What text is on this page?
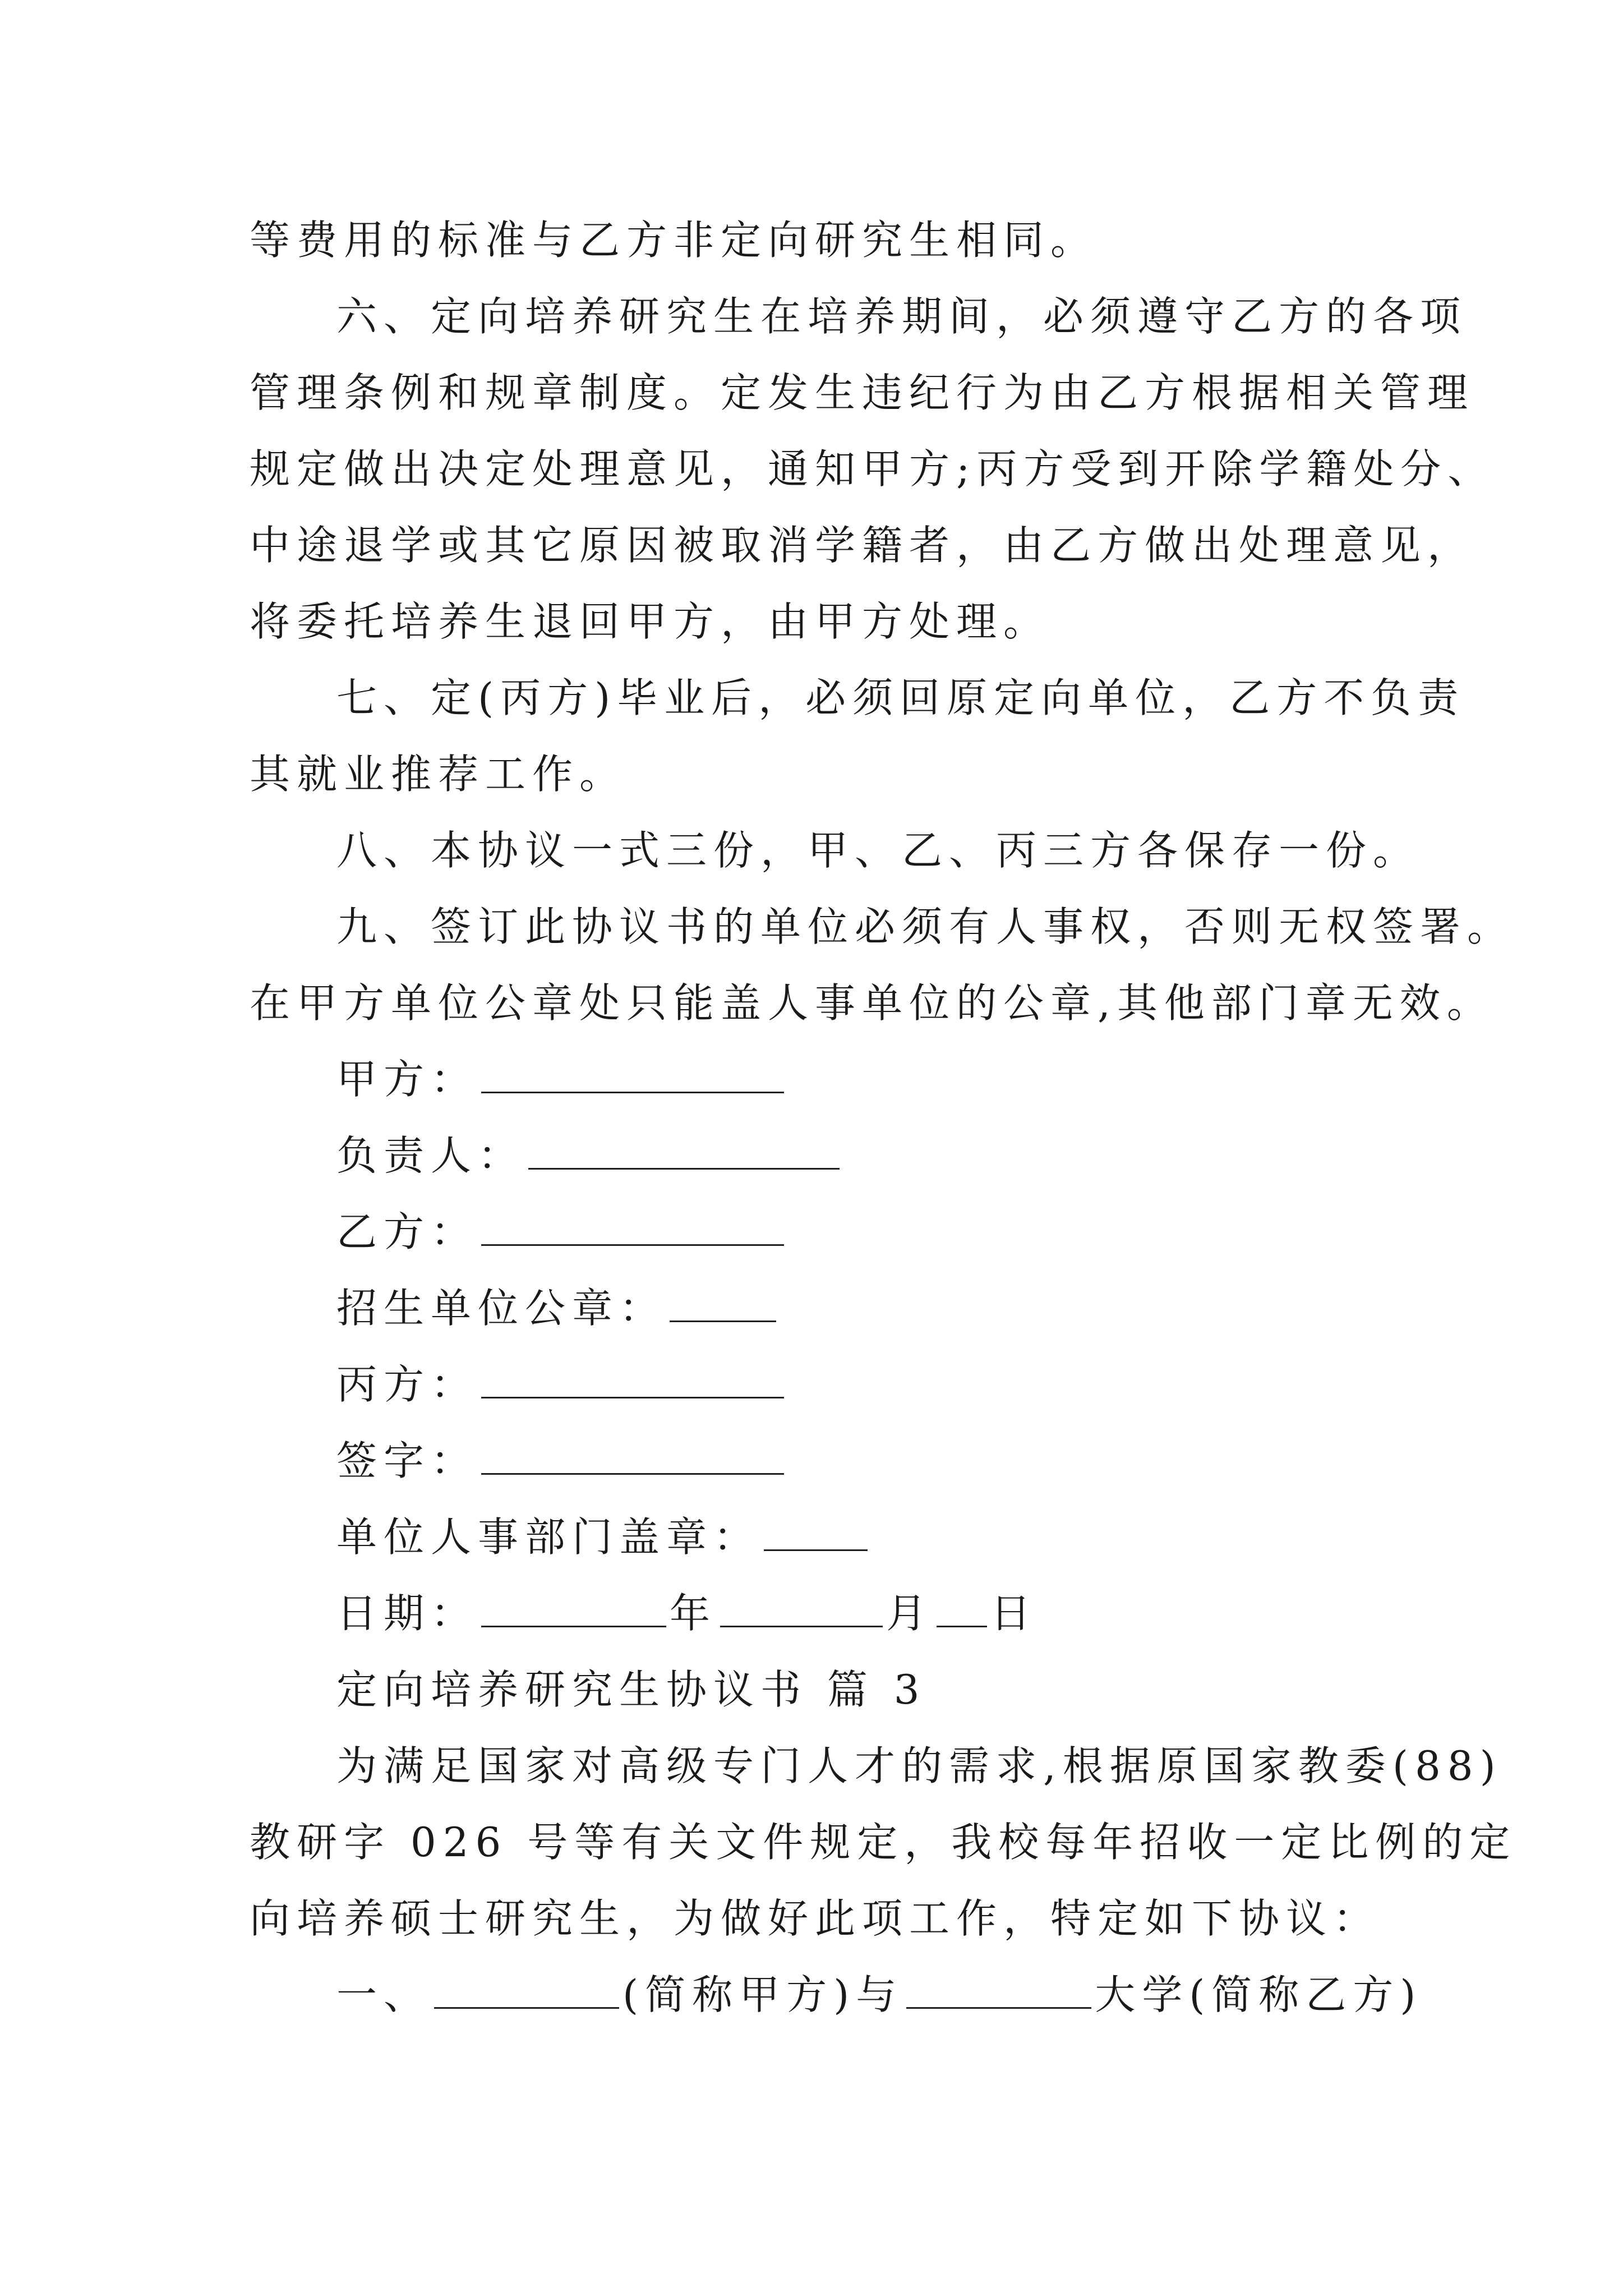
等费用的标准与乙方非定向研究生相同。
六、定向培养研究生在培养期间，必须遵守乙方的各项
管理条例和规章制度。定发生违纪行为由乙方根据相关管理
规定做出决定处理意见，通知甲方;丙方受到开除学籍处分、
中途退学或其它原因被取消学籍者，由乙方做出处理意见，
将委托培养生退回甲方，由甲方处理。
七、定(丙方)毕业后，必须回原定向单位，乙方不负责
其就业推荐工作。
八、本协议一式三份，甲、乙、丙三方各保存一份。
九、签订此协议书的单位必须有人事权，否则无权签署。
在甲方单位公章处只能盖人事单位的公章,其他部门章无效。
甲方：
负责人：
乙方：
招生单位公章：
丙方：
签字：
单位人事部门盖章：
日期：	年	月 日
定向培养研究生协议书 篇 3
为满足国家对高级专门人才的需求,根据原国家教委(88)
教研字 026 号等有关文件规定，我校每年招收一定比例的定
向培养硕士研究生，为做好此项工作，特定如下协议：
一、	(简称甲方)与	大学(简称乙方)
